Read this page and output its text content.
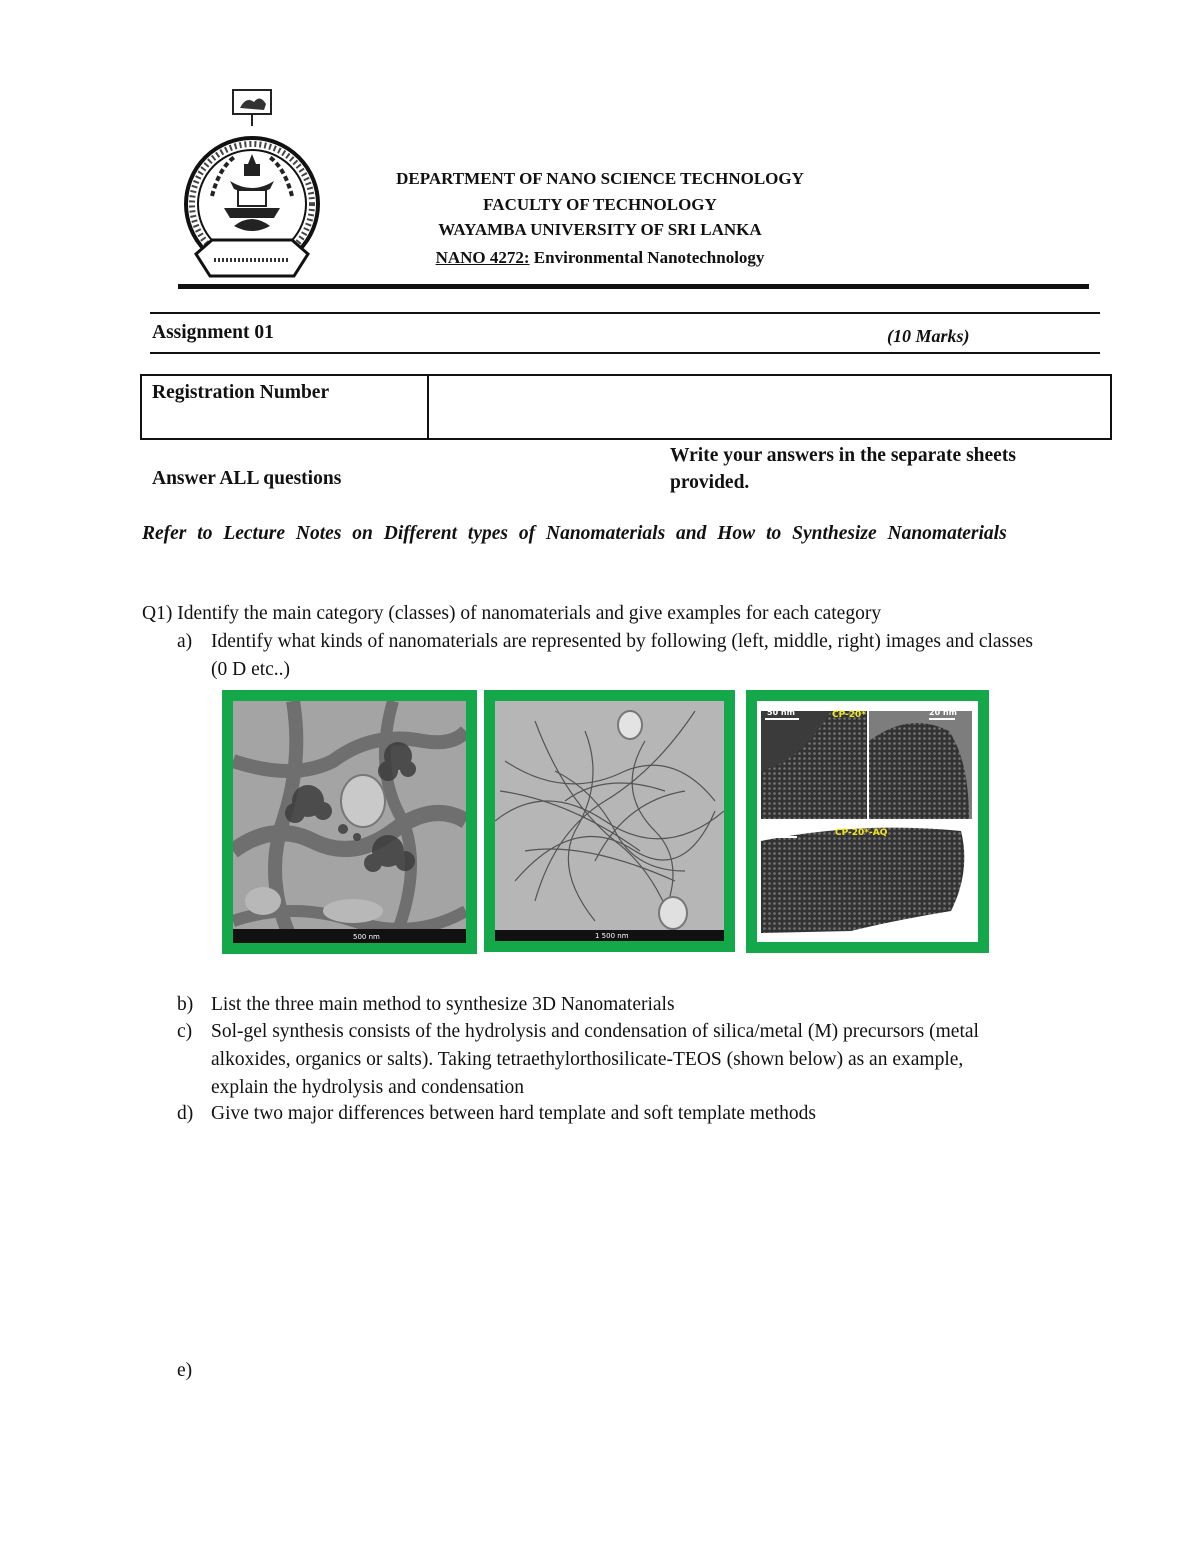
DEPARTMENT OF NANO SCIENCE TECHNOLOGY
FACULTY OF TECHNOLOGY
WAYAMBA UNIVERSITY OF SRI LANKA
NANO 4272: Environmental Nanotechnology
Assignment 01	(10 Marks)
Registration Number	
Answer ALL questions
Write your answers in the separate sheets provided.
Refer to Lecture Notes on Different types of Nanomaterials and How to Synthesize Nanomaterials
Q1) Identify the main category (classes) of nanomaterials and give examples for each category
a) Identify what kinds of nanomaterials are represented by following (left, middle, right) images and classes (0 D etc..)
500 nm	1 500 nm
50 nm	CP-20*	20 nm
50 nm	CP-20*-AQ
b) List the three main method to synthesize 3D Nanomaterials
c) Sol-gel synthesis consists of the hydrolysis and condensation of silica/metal (M) precursors (metal alkoxides, organics or salts). Taking tetraethylorthosilicate-TEOS (shown below) as an example, explain the hydrolysis and condensation
d) Give two major differences between hard template and soft template methods
e)
